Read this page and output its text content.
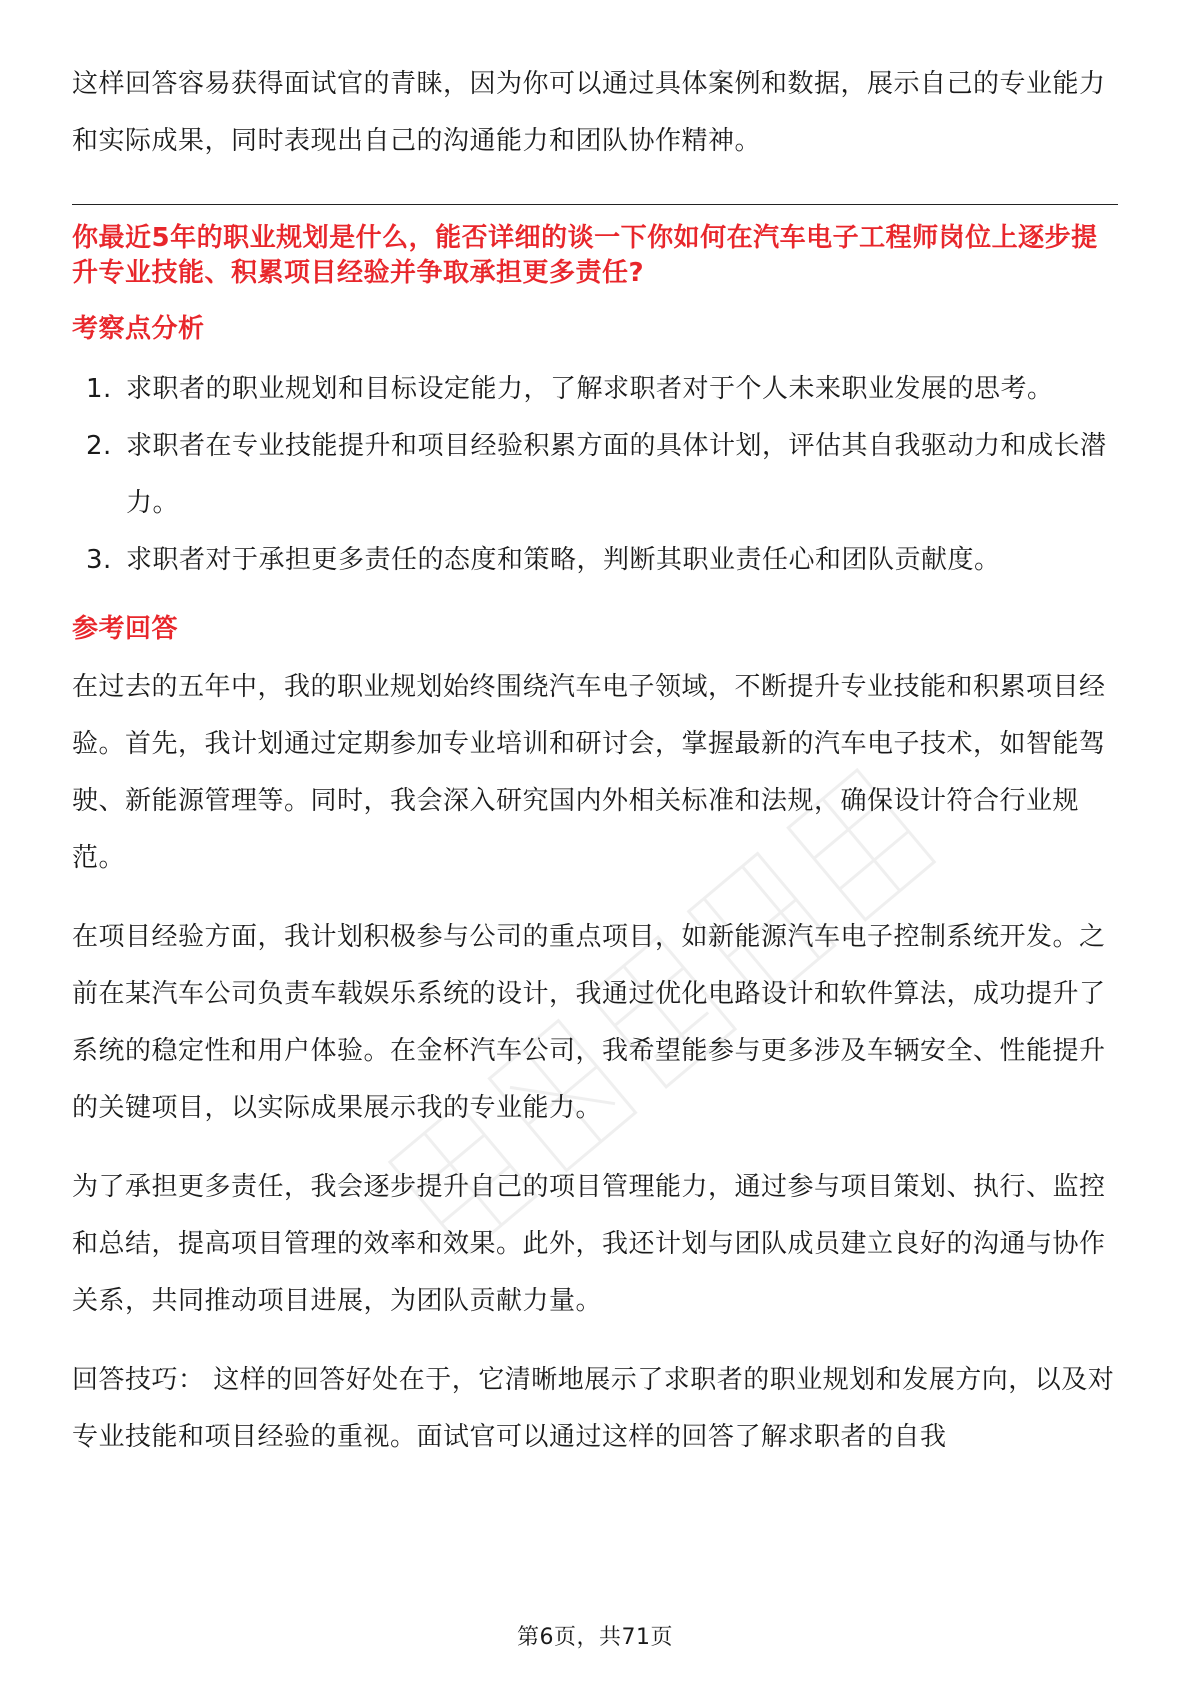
这样回答容易获得面试官的青睐，因为你可以通过具体案例和数据，展示自己的专业能力和实际成果，同时表现出自己的沟通能力和团队协作精神。

你最近5年的职业规划是什么，能否详细的谈一下你如何在汽车电子工程师岗位上逐步提升专业技能、积累项目经验并争取承担更多责任?

考察点分析

1. 求职者的职业规划和目标设定能力，了解求职者对于个人未来职业发展的思考。
2. 求职者在专业技能提升和项目经验积累方面的具体计划，评估其自我驱动力和成长潜力。
3. 求职者对于承担更多责任的态度和策略，判断其职业责任心和团队贡献度。

参考回答

在过去的五年中，我的职业规划始终围绕汽车电子领域，不断提升专业技能和积累项目经验。首先，我计划通过定期参加专业培训和研讨会，掌握最新的汽车电子技术，如智能驾驶、新能源管理等。同时，我会深入研究国内外相关标准和法规，确保设计符合行业规范。

在项目经验方面，我计划积极参与公司的重点项目，如新能源汽车电子控制系统开发。之前在某汽车公司负责车载娱乐系统的设计，我通过优化电路设计和软件算法，成功提升了系统的稳定性和用户体验。在金杯汽车公司，我希望能参与更多涉及车辆安全、性能提升的关键项目，以实际成果展示我的专业能力。

为了承担更多责任，我会逐步提升自己的项目管理能力，通过参与项目策划、执行、监控和总结，提高项目管理的效率和效果。此外，我还计划与团队成员建立良好的沟通与协作关系，共同推动项目进展，为团队贡献力量。

回答技巧： 这样的回答好处在于，它清晰地展示了求职者的职业规划和发展方向，以及对专业技能和项目经验的重视。面试官可以通过这样的回答了解求职者的自我

第6页，共71页
